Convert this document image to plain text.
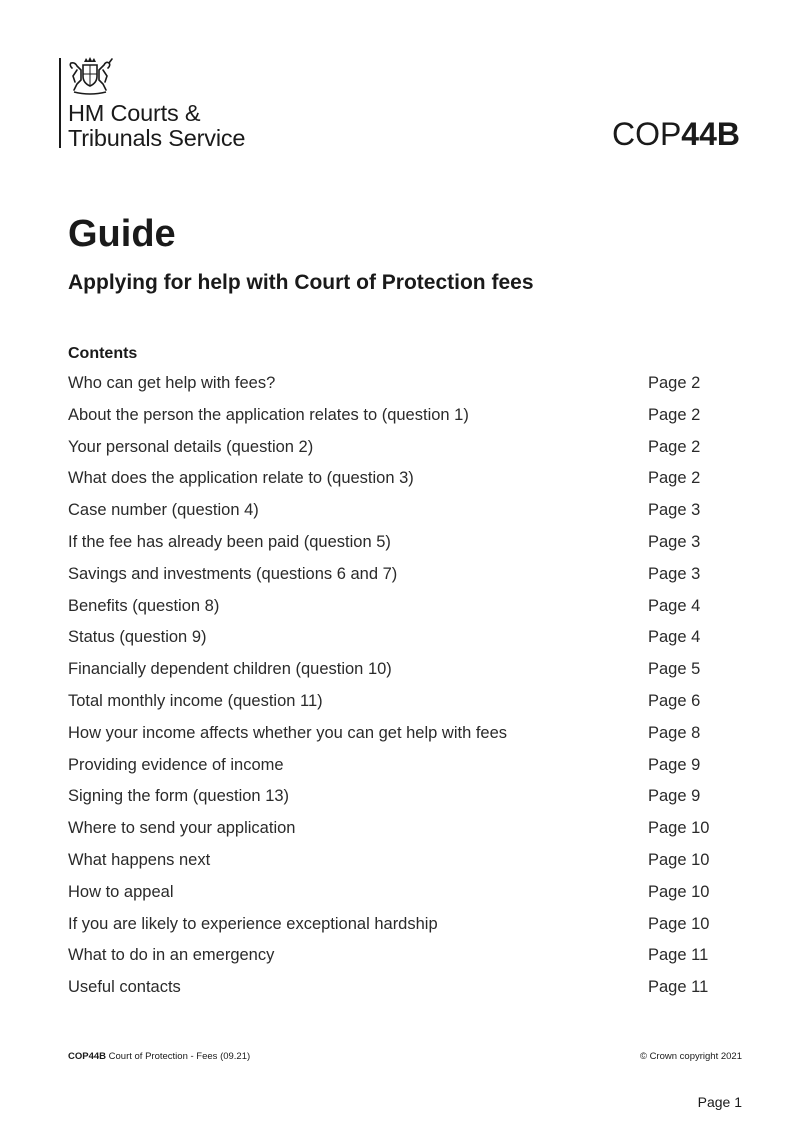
HM Courts &
Tribunals Service	COP44B
Guide
Applying for help with Court of Protection fees
Contents
Who can get help with fees?	Page 2
About the person the application relates to (question 1)	Page 2
Your personal details (question 2)	Page 2
What does the application relate to (question 3)	Page 2
Case number (question 4)	Page 3
If the fee has already been paid (question 5)	Page 3
Savings and investments (questions 6 and 7)	Page 3
Benefits (question 8)	Page 4
Status (question 9)	Page 4
Financially dependent children (question 10)	Page 5
Total monthly income (question 11)	Page 6
How your income affects whether you can get help with fees	Page 8
Providing evidence of income	Page 9
Signing the form (question 13)	Page 9
Where to send your application	Page 10
What happens next	Page 10
How to appeal	Page 10
If you are likely to experience exceptional hardship	Page 10
What to do in an emergency	Page 11
Useful contacts	Page 11
COP44B Court of Protection - Fees (09.21)	© Crown copyright 2021
Page 1
